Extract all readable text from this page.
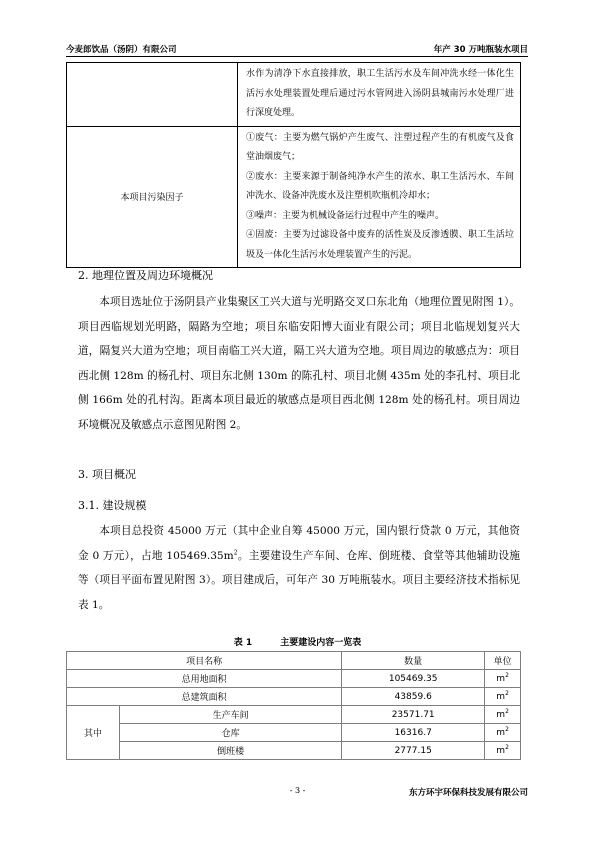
今麦郎饮品（汤阴）有限公司	年产 30 万吨瓶装水项目

	水作为清净下水直接排放，职工生活污水及车间冲洗水经一体化生活污水处理装置处理后通过污水管网进入汤阴县城南污水处理厂进行深度处理。

本项目污染因子	①废气：主要为燃气锅炉产生废气、注塑过程产生的有机废气及食堂油烟废气；

②废水：主要来源于制备纯净水产生的浓水、职工生活污水、车间冲洗水、设备冲洗废水及注塑机吹瓶机冷却水；

③噪声：主要为机械设备运行过程中产生的噪声。

④固废：主要为过滤设备中废弃的活性炭及反渗透膜、职工生活垃圾及一体化生活污水处理装置产生的污泥。

2. 地理位置及周边环境概况

本项目选址位于汤阴县产业集聚区工兴大道与光明路交叉口东北角（地理位置见附图 1）。项目西临规划光明路，隔路为空地；项目东临安阳博大面业有限公司；项目北临规划复兴大道，隔复兴大道为空地；项目南临工兴大道，隔工兴大道为空地。项目周边的敏感点为：项目西北侧 128m 的杨孔村、项目东北侧 130m 的陈孔村、项目北侧 435m 处的李孔村、项目北侧 166m 处的孔村沟。距离本项目最近的敏感点是项目西北侧 128m 处的杨孔村。项目周边环境概况及敏感点示意图见附图 2。

3. 项目概况
3.1. 建设规模

本项目总投资 45000 万元（其中企业自筹 45000 万元，国内银行贷款 0 万元，其他资金 0 万元），占地 $105469.35m^2$。主要建设生产车间、仓库、倒班楼、食堂等其他辅助设施等（项目平面布置见附图 3）。项目建成后，可年产 30 万吨瓶装水。项目主要经济技术指标见表 1。

表 1	主要建设内容一览表
项目名称		数量	单位
总用地面积		105469.35	$m^2$
总建筑面积		43859.6	$m^2$
其中	生产车间	23571.71	$m^2$
	仓库	16316.7	$m^2$
	倒班楼	2777.15	$m^2$
- 3 -	东方环宇环保科技发展有限公司
